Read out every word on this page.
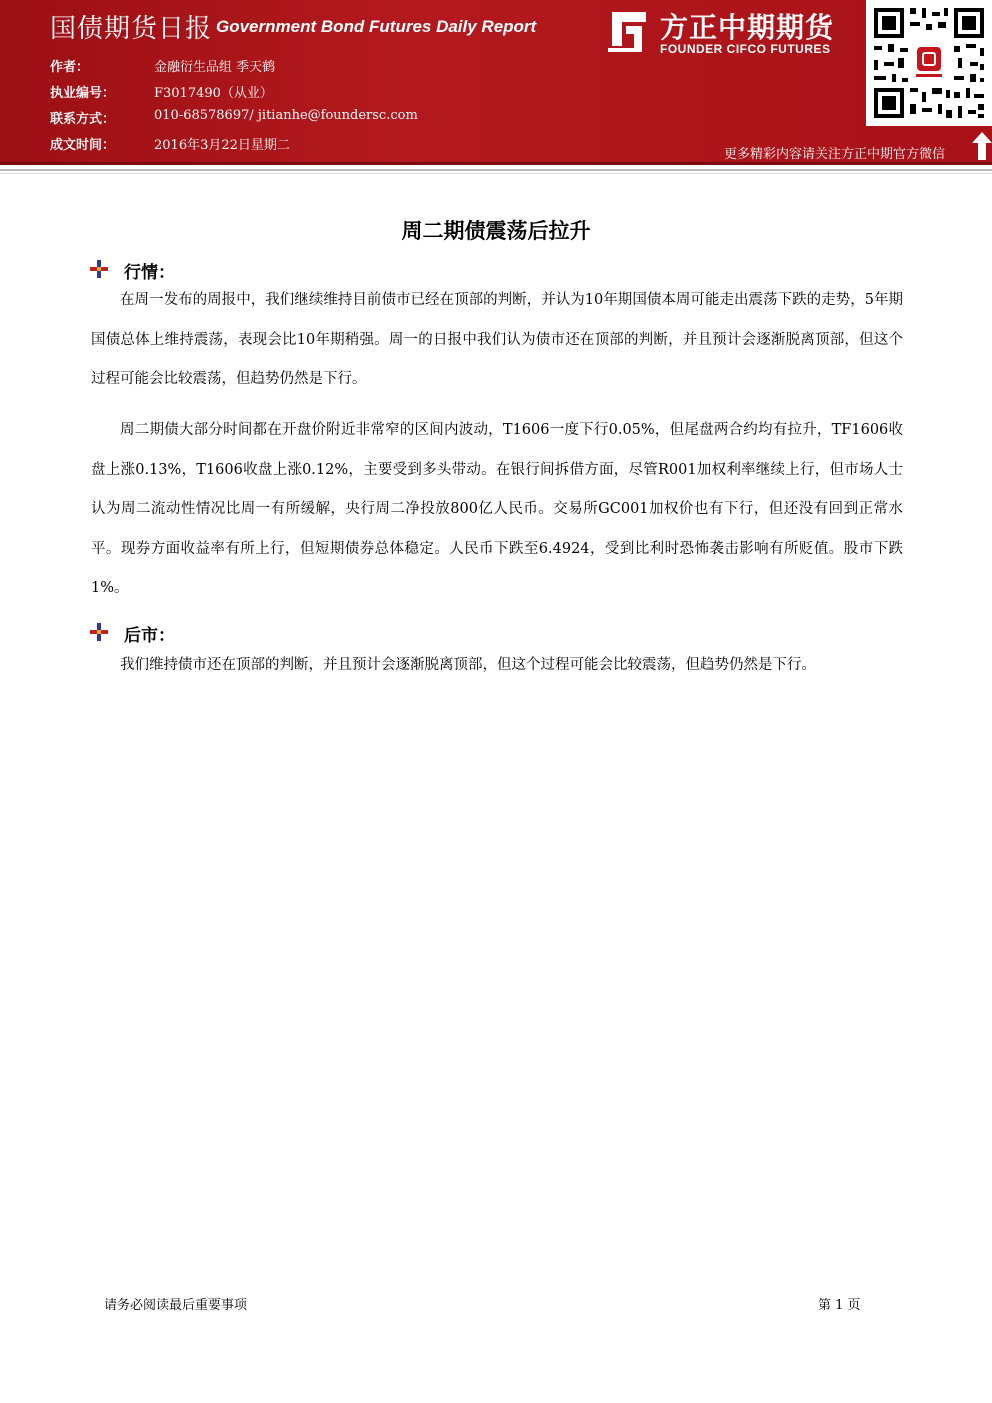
国债期货日报 Government Bond Futures Daily Report
作者：	金融衍生品组 季天鹤
执业编号：	F3017490（从业）
联系方式：	010-68578697/ jitianhe@foundersc.com
成文时间：	2016年3月22日星期二
方正中期期货
FOUNDER CIFCO FUTURES
更多精彩内容请关注方正中期官方微信
周二期债震荡后拉升
行情：

在周一发布的周报中，我们继续维持目前债市已经在顶部的判断，并认为10年期国债本周可能走出震荡下跌的走势，5年期国债总体上维持震荡，表现会比10年期稍强。周一的日报中我们认为债市还在顶部的判断，并且预计会逐渐脱离顶部，但这个过程可能会比较震荡，但趋势仍然是下行。

周二期债大部分时间都在开盘价附近非常窄的区间内波动，T1606一度下行0.05%，但尾盘两合约均有拉升，TF1606收盘上涨0.13%，T1606收盘上涨0.12%，主要受到多头带动。在银行间拆借方面，尽管R001加权利率继续上行，但市场人士认为周二流动性情况比周一有所缓解，央行周二净投放800亿人民币。交易所GC001加权价也有下行，但还没有回到正常水平。现券方面收益率有所上行，但短期债券总体稳定。人民币下跌至6.4924，受到比利时恐怖袭击影响有所贬值。股市下跌1%。

后市：

我们维持债市还在顶部的判断，并且预计会逐渐脱离顶部，但这个过程可能会比较震荡，但趋势仍然是下行。

请务必阅读最后重要事项	第 1 页
